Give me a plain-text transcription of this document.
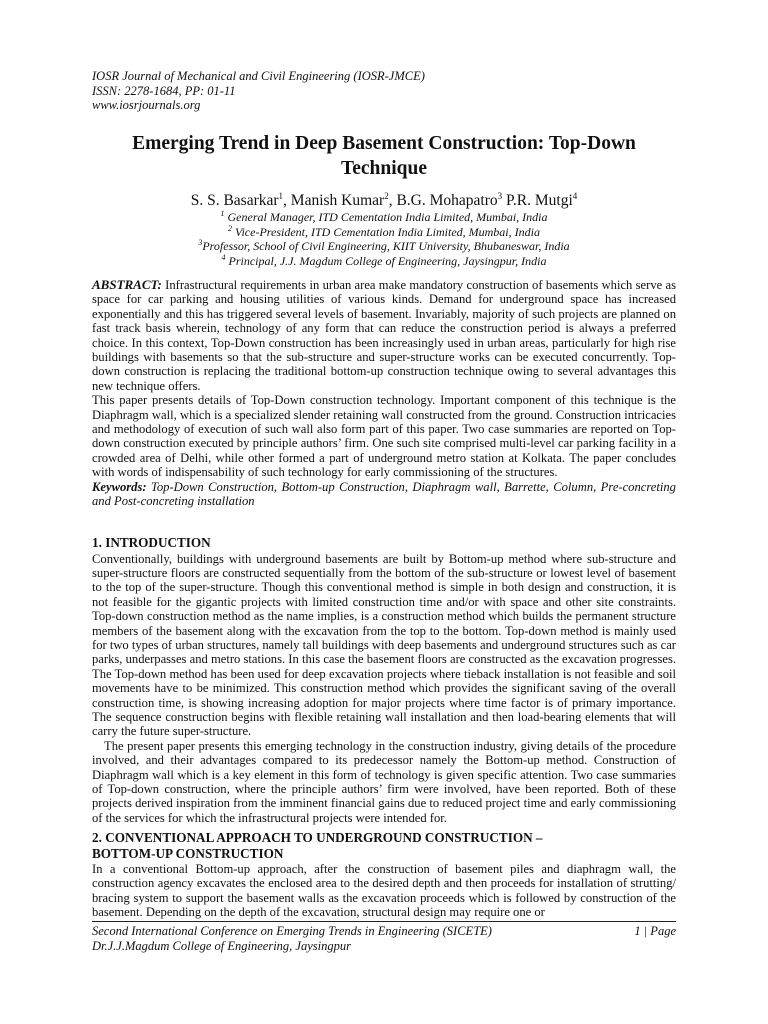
IOSR Journal of Mechanical and Civil Engineering (IOSR-JMCE)
ISSN: 2278-1684, PP: 01-11
www.iosrjournals.org
Emerging Trend in Deep Basement Construction: Top-Down Technique
S. S. Basarkar$^1$, Manish Kumar$^2$, B.G. Mohapatro$^3$ P.R. Mutgi$^4$
$^1$ General Manager, ITD Cementation India Limited, Mumbai, India
$^2$ Vice-President, ITD Cementation India Limited, Mumbai, India
$^3$Professor, School of Civil Engineering, KIIT University, Bhubaneswar, India
$^4$ Principal, J.J. Magdum College of Engineering, Jaysingpur, India

ABSTRACT: Infrastructural requirements in urban area make mandatory construction of basements which serve as space for car parking and housing utilities of various kinds. Demand for underground space has increased exponentially and this has triggered several levels of basement. Invariably, majority of such projects are planned on fast track basis wherein, technology of any form that can reduce the construction period is always a preferred choice. In this context, Top-Down construction has been increasingly used in urban areas, particularly for high rise buildings with basements so that the sub-structure and super-structure works can be executed concurrently. Top-down construction is replacing the traditional bottom-up construction technique owing to several advantages this new technique offers.

This paper presents details of Top-Down construction technology. Important component of this technique is the Diaphragm wall, which is a specialized slender retaining wall constructed from the ground. Construction intricacies and methodology of execution of such wall also form part of this paper. Two case summaries are reported on Top-down construction executed by principle authors’ firm. One such site comprised multi-level car parking facility in a crowded area of Delhi, while other formed a part of underground metro station at Kolkata. The paper concludes with words of indispensability of such technology for early commissioning of the structures.

Keywords: Top-Down Construction, Bottom-up Construction, Diaphragm wall, Barrette, Column, Pre-concreting and Post-concreting installation

1. INTRODUCTION

Conventionally, buildings with underground basements are built by Bottom-up method where sub-structure and super-structure floors are constructed sequentially from the bottom of the sub-structure or lowest level of basement to the top of the super-structure. Though this conventional method is simple in both design and construction, it is not feasible for the gigantic projects with limited construction time and/or with space and other site constraints. Top-down construction method as the name implies, is a construction method which builds the permanent structure members of the basement along with the excavation from the top to the bottom. Top-down method is mainly used for two types of urban structures, namely tall buildings with deep basements and underground structures such as car parks, underpasses and metro stations. In this case the basement floors are constructed as the excavation progresses. The Top-down method has been used for deep excavation projects where tieback installation is not feasible and soil movements have to be minimized. This construction method which provides the significant saving of the overall construction time, is showing increasing adoption for major projects where time factor is of primary importance. The sequence construction begins with flexible retaining wall installation and then load-bearing elements that will carry the future super-structure.

The present paper presents this emerging technology in the construction industry, giving details of the procedure involved, and their advantages compared to its predecessor namely the Bottom-up method. Construction of Diaphragm wall which is a key element in this form of technology is given specific attention. Two case summaries of Top-down construction, where the principle authors’ firm were involved, have been reported. Both of these projects derived inspiration from the imminent financial gains due to reduced project time and early commissioning of the services for which the infrastructural projects were intended for.

2. CONVENTIONAL APPROACH TO UNDERGROUND CONSTRUCTION –
BOTTOM-UP CONSTRUCTION

In a conventional Bottom-up approach, after the construction of basement piles and diaphragm wall, the construction agency excavates the enclosed area to the desired depth and then proceeds for installation of strutting/ bracing system to support the basement walls as the excavation proceeds which is followed by construction of the basement. Depending on the depth of the excavation, structural design may require one or

Second International Conference on Emerging Trends in Engineering (SICETE)	1 | Page
Dr.J.J.Magdum College of Engineering, Jaysingpur
